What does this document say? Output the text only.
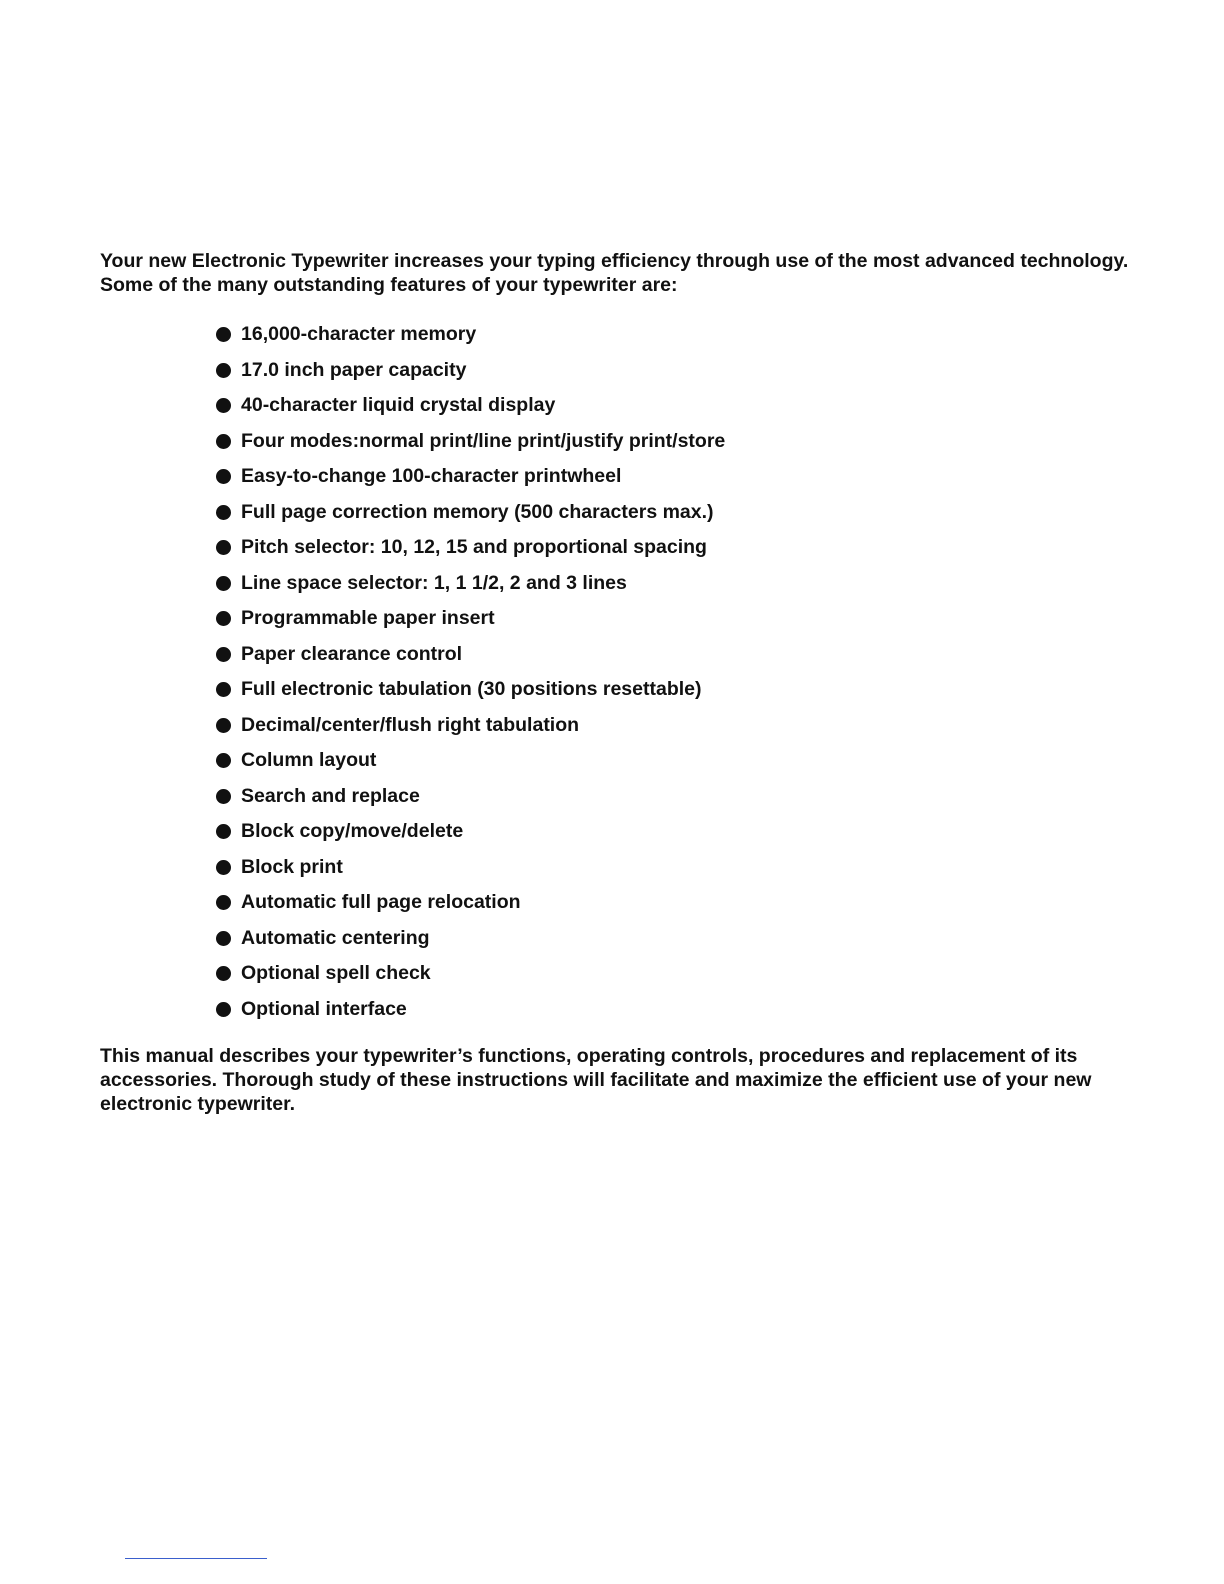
Your new Electronic Typewriter increases your typing efficiency through use of the most advanced technology. Some of the many outstanding features of your typewriter are:

16,000-character memory
17.0 inch paper capacity
40-character liquid crystal display
Four modes:normal print/line print/justify print/store
Easy-to-change 100-character printwheel
Full page correction memory (500 characters max.)
Pitch selector: 10, 12, 15 and proportional spacing
Line space selector: 1, 1 1/2, 2 and 3 lines
Programmable paper insert
Paper clearance control
Full electronic tabulation (30 positions resettable)
Decimal/center/flush right tabulation
Column layout
Search and replace
Block copy/move/delete
Block print
Automatic full page relocation
Automatic centering
Optional spell check
Optional interface

This manual describes your typewriter’s functions, operating controls, procedures and replacement of its accessories. Thorough study of these instructions will facilitate and maximize the efficient use of your new electronic typewriter.
